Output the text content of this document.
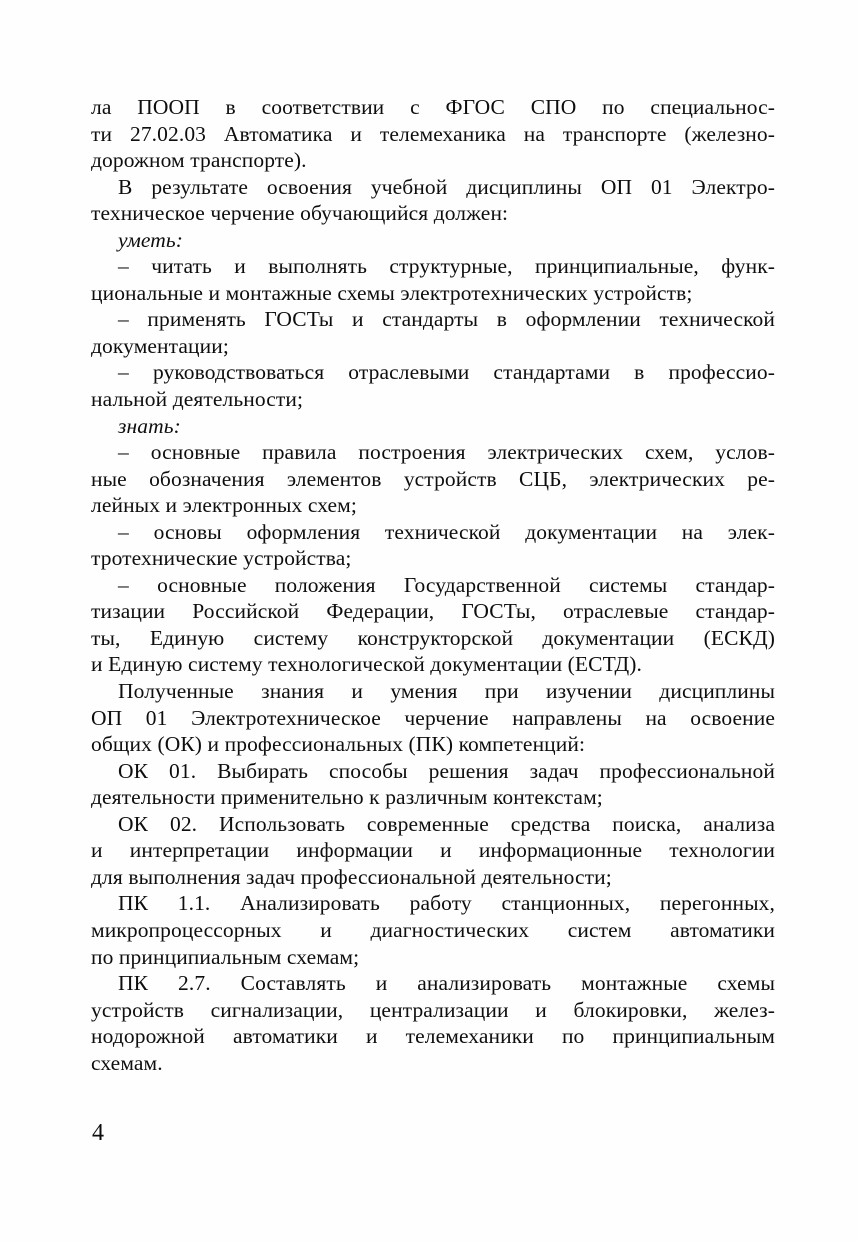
ла ПООП в соответствии с ФГОС СПО по специальнос-
ти 27.02.03 Автоматика и телемеханика на транспорте (железно-
дорожном транспорте).
В результате освоения учебной дисциплины ОП 01 Электро-
техническое черчение обучающийся должен:
уметь:
– читать и выполнять структурные, принципиальные, функ-
циональные и монтажные схемы электротехнических устройств;
– применять ГОСТы и стандарты в оформлении технической
документации;
– руководствоваться отраслевыми стандартами в профессио-
нальной деятельности;
знать:
– основные правила построения электрических схем, услов-
ные обозначения элементов устройств СЦБ, электрических ре-
лейных и электронных схем;
– основы оформления технической документации на элек-
тротехнические устройства;
– основные положения Государственной системы стандар-
тизации Российской Федерации, ГОСТы, отраслевые стандар-
ты, Единую систему конструкторской документации (ЕСКД)
и Единую систему технологической документации (ЕСТД).
Полученные знания и умения при изучении дисциплины
ОП 01 Электротехническое черчение направлены на освоение
общих (ОК) и профессиональных (ПК) компетенций:
ОК 01. Выбирать способы решения задач профессиональной
деятельности применительно к различным контекстам;
ОК 02. Использовать современные средства поиска, анализа
и интерпретации информации и информационные технологии
для выполнения задач профессиональной деятельности;
ПК 1.1. Анализировать работу станционных, перегонных,
микропроцессорных и диагностических систем автоматики
по принципиальным схемам;
ПК 2.7. Составлять и анализировать монтажные схемы
устройств сигнализации, централизации и блокировки, желез-
нодорожной автоматики и телемеханики по принципиальным
схемам.
4
